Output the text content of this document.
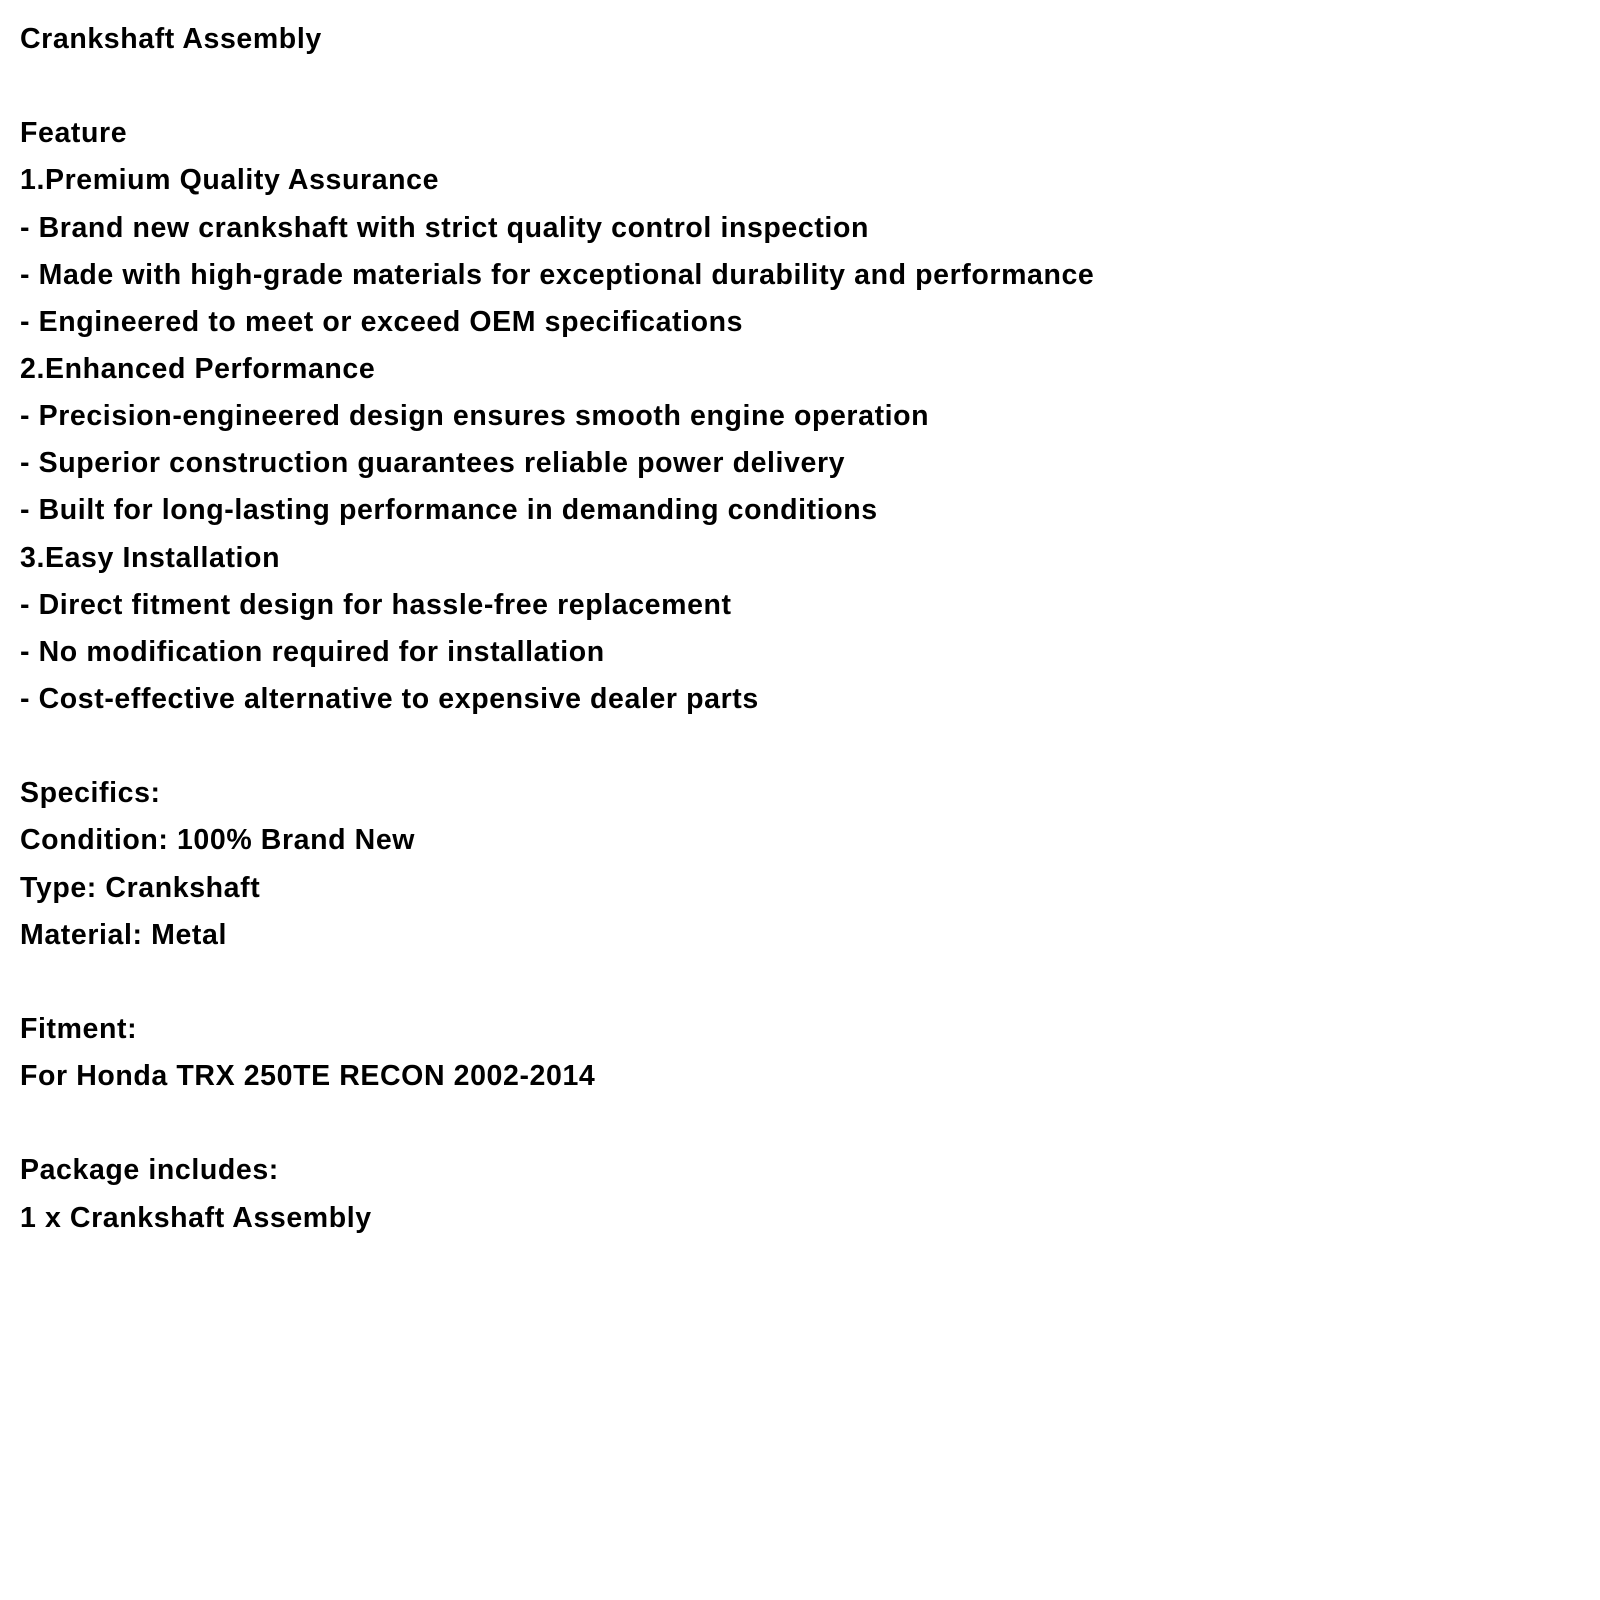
Crankshaft Assembly
Feature
1.Premium Quality Assurance
- Brand new crankshaft with strict quality control inspection
- Made with high-grade materials for exceptional durability and performance
- Engineered to meet or exceed OEM specifications
2.Enhanced Performance
- Precision-engineered design ensures smooth engine operation
- Superior construction guarantees reliable power delivery
- Built for long-lasting performance in demanding conditions
3.Easy Installation
- Direct fitment design for hassle-free replacement
- No modification required for installation
- Cost-effective alternative to expensive dealer parts
Specifics:
Condition: 100% Brand New
Type: Crankshaft
Material: Metal
Fitment:
For Honda TRX 250TE RECON 2002-2014
Package includes:
1 x Crankshaft Assembly
